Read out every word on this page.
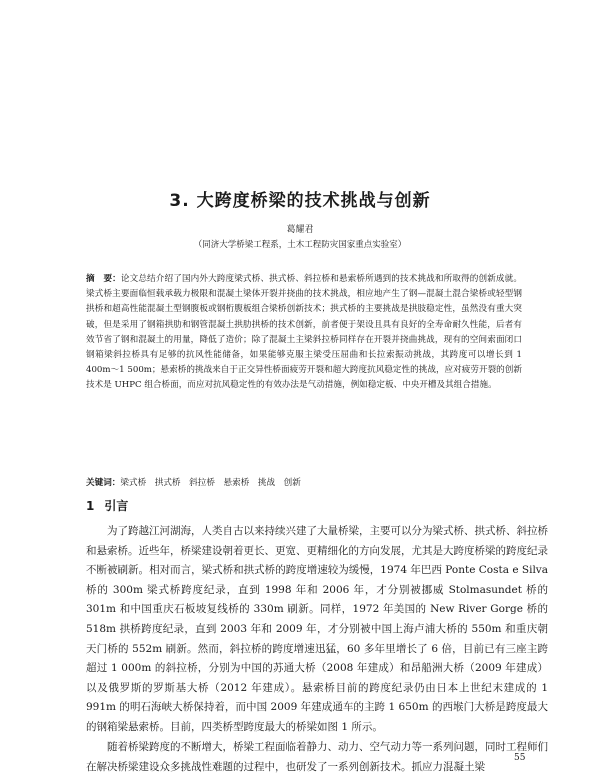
3. 大跨度桥梁的技术挑战与创新
葛耀君
（同济大学桥梁工程系，土木工程防灾国家重点实验室）

摘　要：论文总结介绍了国内外大跨度梁式桥、拱式桥、斜拉桥和悬索桥所遇到的技术挑战和所取得的创新成就。梁式桥主要面临恒载承载力极限和混凝土梁体开裂并挠曲的技术挑战，相应地产生了钢—混凝土混合梁桥或轻型钢拱桥和超高性能混凝土型钢腹板或钢桁腹板组合梁桥创新技术；拱式桥的主要挑战是拱肢稳定性，虽然没有重大突破，但是采用了钢箱拱肋和钢管混凝土拱肋拱桥的技术创新，前者便于架设且具有良好的全寿命耐久性能，后者有效节省了钢和混凝土的用量，降低了造价；除了混凝土主梁斜拉桥同样存在开裂并挠曲挑战，现有的空间索面闭口钢箱梁斜拉桥具有足够的抗风性能储备，如果能够克服主梁受压屈曲和长拉索振动挑战，其跨度可以增长到 1 400m～1 500m；悬索桥的挑战来自于正交异性桥面疲劳开裂和超大跨度抗风稳定性的挑战，应对疲劳开裂的创新技术是 UHPC 组合桥面，而应对抗风稳定性的有效办法是气动措施，例如稳定板、中央开槽及其组合措施。

关键词：梁式桥　拱式桥　斜拉桥　悬索桥　挑战　创新

1 引言

为了跨越江河湖海，人类自古以来持续兴建了大量桥梁，主要可以分为梁式桥、拱式桥、斜拉桥和悬索桥。近些年，桥梁建设朝着更长、更宽、更精细化的方向发展，尤其是大跨度桥梁的跨度纪录不断被刷新。相对而言，梁式桥和拱式桥的跨度增速较为缓慢，1974 年巴西 Ponte Costa e Silva 桥的 300m 梁式桥跨度纪录，直到 1998 年和 2006 年，才分别被挪威 Stolmasundet 桥的 301m 和中国重庆石板坡复线桥的 330m 刷新。同样，1972 年美国的 New River Gorge 桥的 518m 拱桥跨度纪录，直到 2003 年和 2009 年，才分别被中国上海卢浦大桥的 550m 和重庆朝天门桥的 552m 刷新。然而，斜拉桥的跨度增速迅猛，60 多年里增长了 6 倍，目前已有三座主跨超过 1 000m 的斜拉桥，分别为中国的苏通大桥（2008 年建成）和昂船洲大桥（2009 年建成）以及俄罗斯的罗斯基大桥（2012 年建成）。悬索桥目前的跨度纪录仍由日本上世纪末建成的 1 991m 的明石海峡大桥保持着，而中国 2009 年建成通车的主跨 1 650m 的西堠门大桥是跨度最大的钢箱梁悬索桥。目前，四类桥型跨度最大的桥梁如图 1 所示。

随着桥梁跨度的不断增大，桥梁工程面临着静力、动力、空气动力等一系列问题，同时工程师们在解决桥梁建设众多挑战性难题的过程中，也研发了一系列创新技术。抓应力混凝土梁

55
